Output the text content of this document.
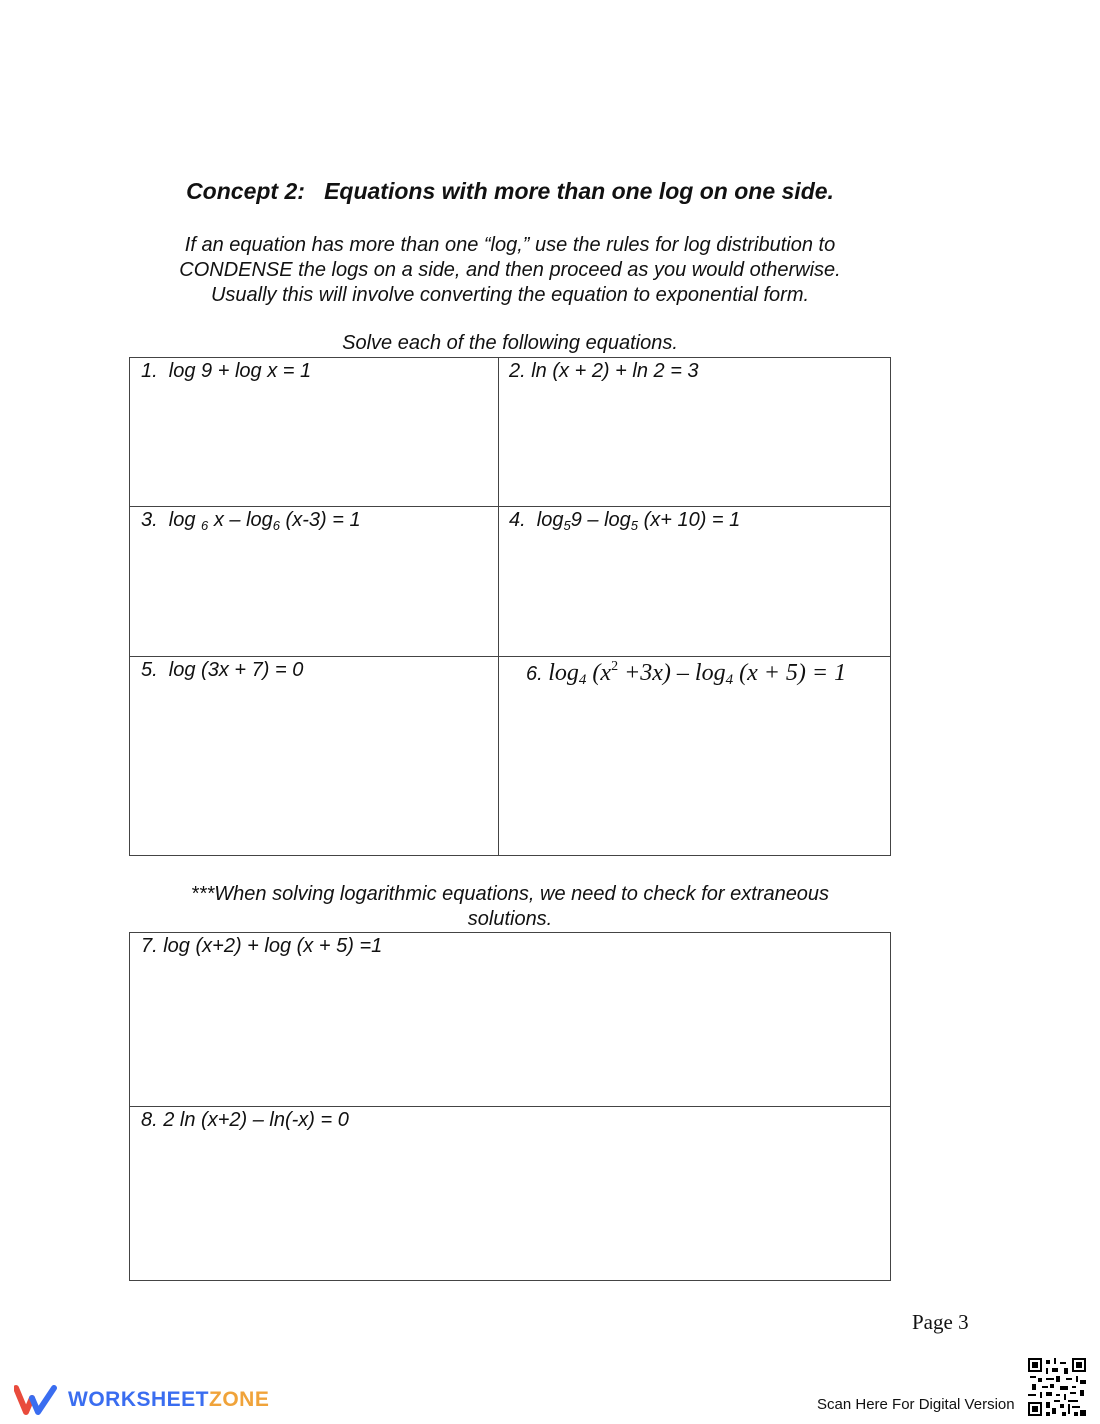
Concept 2:   Equations with more than one log on one side.
If an equation has more than one “log,” use the rules for log distribution to
CONDENSE the logs on a side, and then proceed as you would otherwise.
Usually this will involve converting the equation to exponential form.
Solve each of the following equations.
1.  log 9 + log x = 1	2. ln (x + 2) + ln 2 = 3
3.  log $_6$ $x - \log_6 (x-3) = 1$	4.  $\log_59 - \log_5 (x+ 10) = 1$
5.  log (3x + 7) = 0

	6. $\log_4 (x^2 +3x) - \log_4 (x + 5) = 1$

***When solving logarithmic equations, we need to check for extraneous
solutions.
7. log (x+2) + log (x + 5) =1
8. 2 ln (x+2) – ln(-x) = 0
Page 3
WORKSHEETZONE	Scan Here For Digital Version
